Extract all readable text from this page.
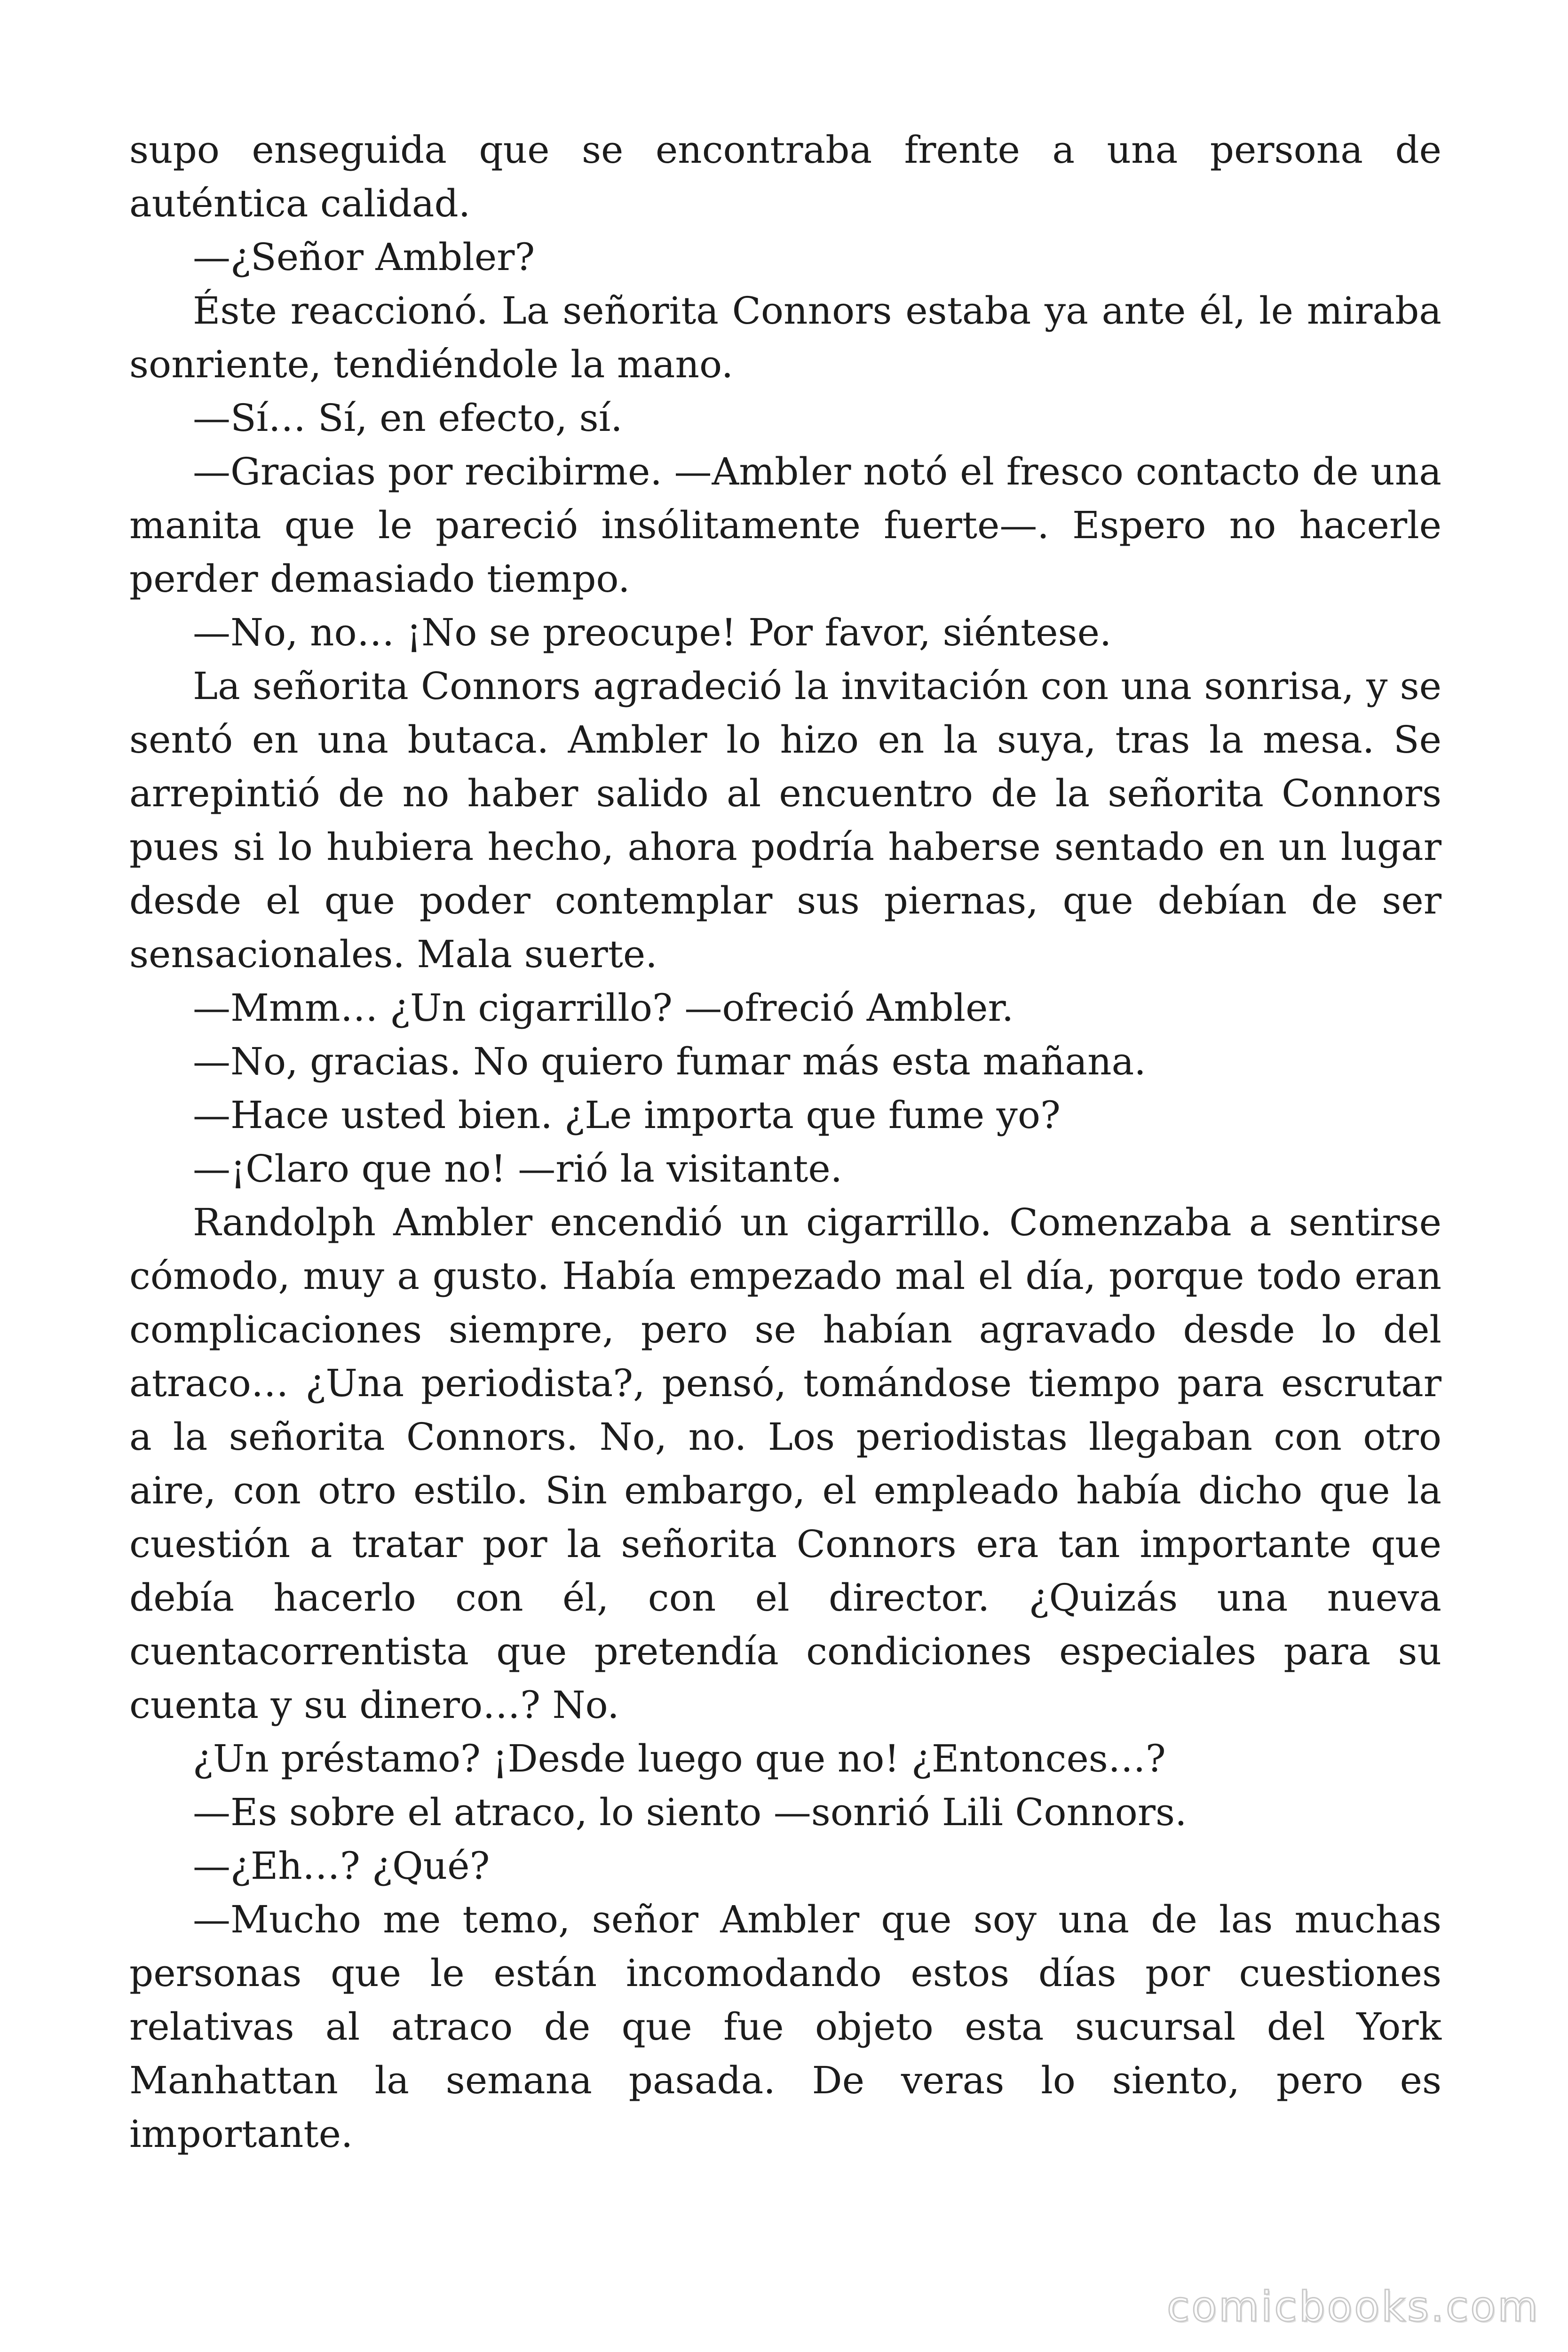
supo enseguida que se encontraba frente a una persona de auténtica calidad.

—¿Señor Ambler?

Éste reaccionó. La señorita Connors estaba ya ante él, le miraba sonriente, tendiéndole la mano.

—Sí… Sí, en efecto, sí.

—Gracias por recibirme. —Ambler notó el fresco contacto de una manita que le pareció insólitamente fuerte—. Espero no hacerle perder demasiado tiempo.

—No, no… ¡No se preocupe! Por favor, siéntese.

La señorita Connors agradeció la invitación con una sonrisa, y se sentó en una butaca. Ambler lo hizo en la suya, tras la mesa. Se arrepintió de no haber salido al encuentro de la señorita Connors pues si lo hubiera hecho, ahora podría haberse sentado en un lugar desde el que poder contemplar sus piernas, que debían de ser sensacionales. Mala suerte.

—Mmm… ¿Un cigarrillo? —ofreció Ambler.

—No, gracias. No quiero fumar más esta mañana.

—Hace usted bien. ¿Le importa que fume yo?

—¡Claro que no! —rió la visitante.

Randolph Ambler encendió un cigarrillo. Comenzaba a sentirse cómodo, muy a gusto. Había empezado mal el día, porque todo eran complicaciones siempre, pero se habían agravado desde lo del atraco… ¿Una periodista?, pensó, tomándose tiempo para escrutar a la señorita Connors. No, no. Los periodistas llegaban con otro aire, con otro estilo. Sin embargo, el empleado había dicho que la cuestión a tratar por la señorita Connors era tan importante que debía hacerlo con él, con el director. ¿Quizás una nueva cuentacorrentista que pretendía condiciones especiales para su cuenta y su dinero…? No.

¿Un préstamo? ¡Desde luego que no! ¿Entonces…?

—Es sobre el atraco, lo siento —sonrió Lili Connors.

—¿Eh…? ¿Qué?

—Mucho me temo, señor Ambler que soy una de las muchas personas que le están incomodando estos días por cuestiones relativas al atraco de que fue objeto esta sucursal del York Manhattan la semana pasada. De veras lo siento, pero es importante.

comicbooks.com
